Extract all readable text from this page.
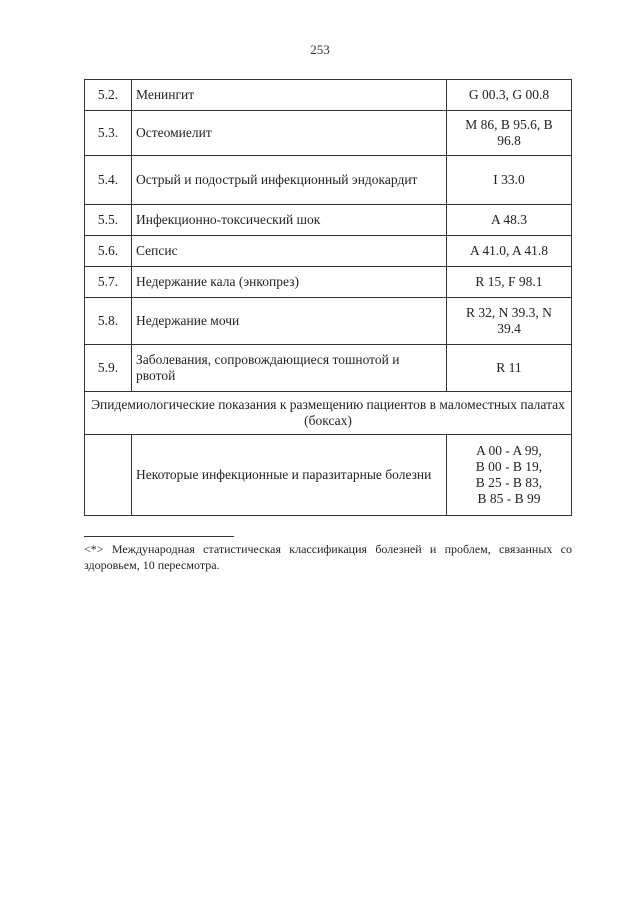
253
5.2.	Менингит	G 00.3, G 00.8

5.3.	Остеомиелит	M 86, B 95.6, B
96.8

5.4.	Острый и подострый инфекционный эндокардит	I 33.0

5.5.	Инфекционно-токсический шок	A 48.3

5.6.	Сепсис	A 41.0, A 41.8

5.7.	Недержание кала (энкопрез)	R 15, F 98.1

5.8.	Недержание мочи	R 32, N 39.3, N
39.4

5.9.	Заболевания, сопровождающиеся тошнотой и рвотой	R 11

Эпидемиологические показания к размещению пациентов в маломестных палатах (боксах)		
	Некоторые инфекционные и паразитарные болезни	A 00 - A 99,
B 00 - B 19,
B 25 - B 83,
B 85 - B 99
<*> Международная статистическая классификация болезней и проблем, связанных со здоровьем, 10 пересмотра.
